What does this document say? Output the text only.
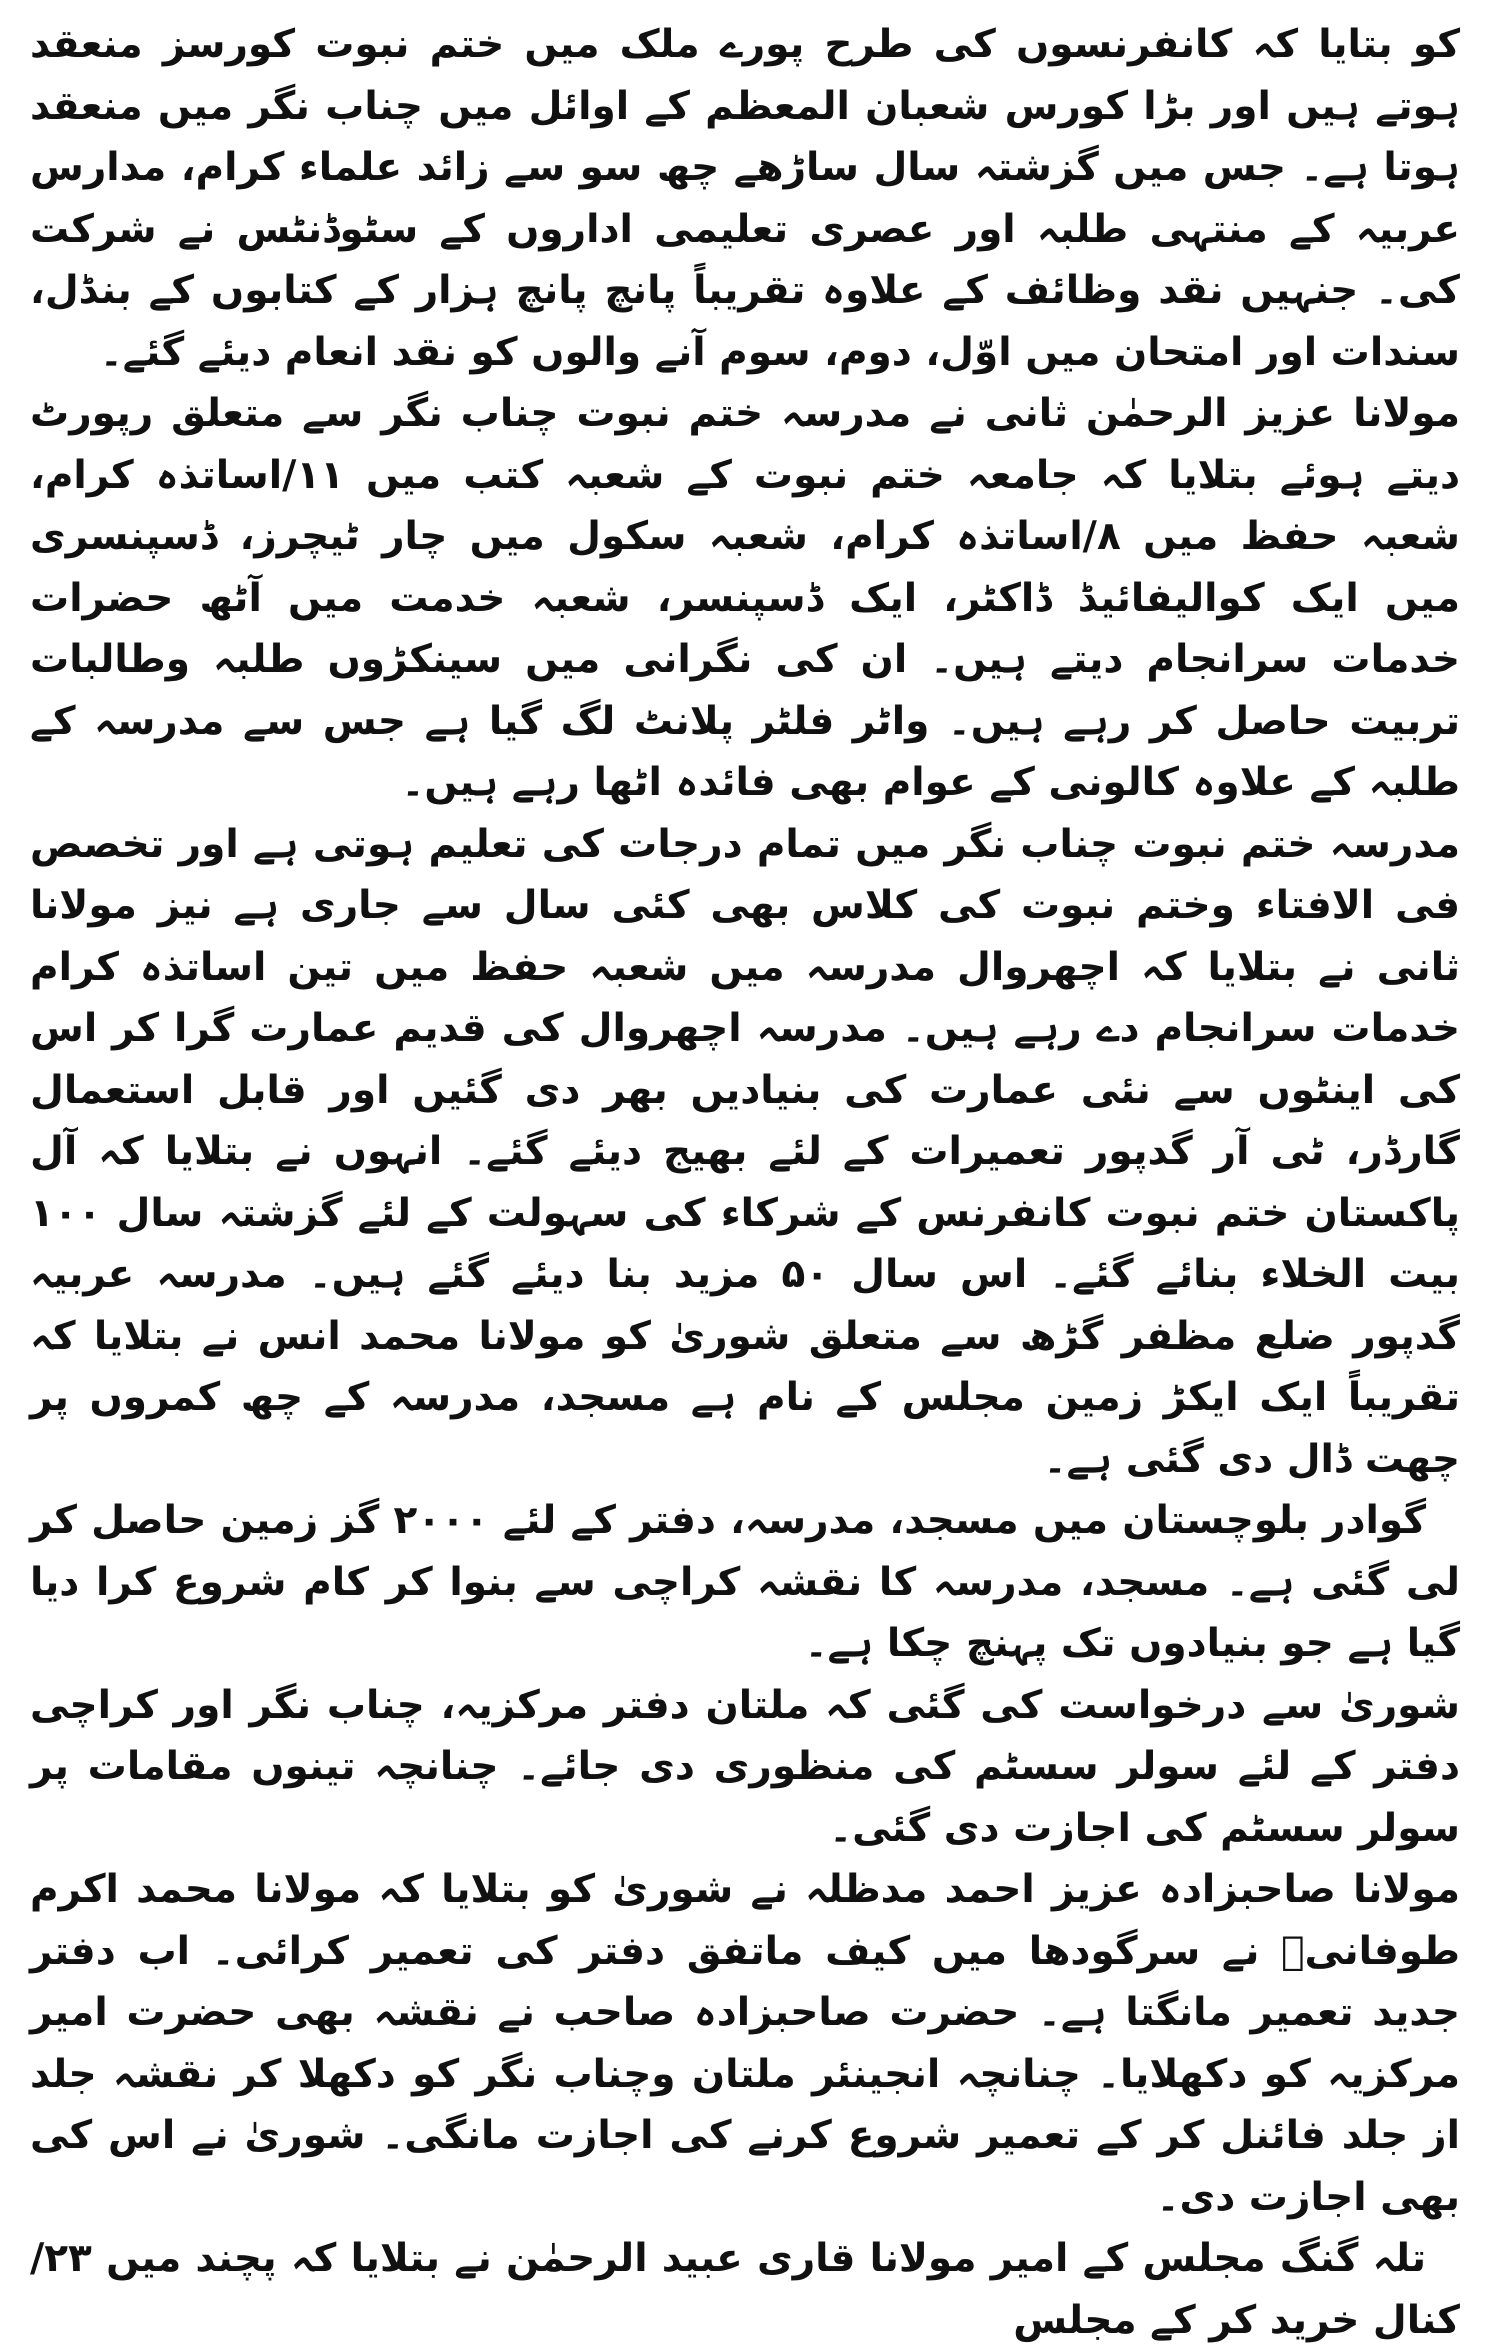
کو بتایا کہ کانفرنسوں کی طرح پورے ملک میں ختم نبوت کورسز منعقد ہوتے ہیں اور بڑا کورس شعبان المعظم کے اوائل میں چناب نگر میں منعقد ہوتا ہے۔ جس میں گزشتہ سال ساڑھے چھ سو سے زائد علماء کرام، مدارس عربیہ کے منتہی طلبہ اور عصری تعلیمی اداروں کے سٹوڈنٹس نے شرکت کی۔ جنہیں نقد وظائف کے علاوہ تقریباً پانچ پانچ ہزار کے کتابوں کے بنڈل، سندات اور امتحان میں اوّل، دوم، سوم آنے والوں کو نقد انعام دیئے گئے۔

مولانا عزیز الرحمٰن ثانی نے مدرسہ ختم نبوت چناب نگر سے متعلق رپورٹ دیتے ہوئے بتلایا کہ جامعہ ختم نبوت کے شعبہ کتب میں ۱۱/اساتذہ کرام، شعبہ حفظ میں ۸/اساتذہ کرام، شعبہ سکول میں چار ٹیچرز، ڈسپنسری میں ایک کوالیفائیڈ ڈاکٹر، ایک ڈسپنسر، شعبہ خدمت میں آٹھ حضرات خدمات سرانجام دیتے ہیں۔ ان کی نگرانی میں سینکڑوں طلبہ وطالبات تربیت حاصل کر رہے ہیں۔ واٹر فلٹر پلانٹ لگ گیا ہے جس سے مدرسہ کے طلبہ کے علاوہ کالونی کے عوام بھی فائدہ اٹھا رہے ہیں۔

مدرسہ ختم نبوت چناب نگر میں تمام درجات کی تعلیم ہوتی ہے اور تخصص فی الافتاء وختم نبوت کی کلاس بھی کئی سال سے جاری ہے نیز مولانا ثانی نے بتلایا کہ اچھروال مدرسہ میں شعبہ حفظ میں تین اساتذہ کرام خدمات سرانجام دے رہے ہیں۔ مدرسہ اچھروال کی قدیم عمارت گرا کر اس کی اینٹوں سے نئی عمارت کی بنیادیں بھر دی گئیں اور قابل استعمال گارڈر، ٹی آر گدپور تعمیرات کے لئے بھیج دیئے گئے۔ انہوں نے بتلایا کہ آل پاکستان ختم نبوت کانفرنس کے شرکاء کی سہولت کے لئے گزشتہ سال ۱۰۰ بیت الخلاء بنائے گئے۔ اس سال ۵۰ مزید بنا دیئے گئے ہیں۔ مدرسہ عربیہ گدپور ضلع مظفر گڑھ سے متعلق شوریٰ کو مولانا محمد انس نے بتلایا کہ تقریباً ایک ایکڑ زمین مجلس کے نام ہے مسجد، مدرسہ کے چھ کمروں پر چھت ڈال دی گئی ہے۔

گوادر بلوچستان میں مسجد، مدرسہ، دفتر کے لئے ۲۰۰۰ گز زمین حاصل کر لی گئی ہے۔ مسجد، مدرسہ کا نقشہ کراچی سے بنوا کر کام شروع کرا دیا گیا ہے جو بنیادوں تک پہنچ چکا ہے۔

شوریٰ سے درخواست کی گئی کہ ملتان دفتر مرکزیہ، چناب نگر اور کراچی دفتر کے لئے سولر سسٹم کی منظوری دی جائے۔ چنانچہ تینوں مقامات پر سولر سسٹم کی اجازت دی گئی۔

مولانا صاحبزادہ عزیز احمد مدظلہ نے شوریٰ کو بتلایا کہ مولانا محمد اکرم طوفانیؒ نے سرگودھا میں کیف ماتفق دفتر کی تعمیر کرائی۔ اب دفتر جدید تعمیر مانگتا ہے۔ حضرت صاحبزادہ صاحب نے نقشہ بھی حضرت امیر مرکزیہ کو دکھلایا۔ چنانچہ انجینئر ملتان وچناب نگر کو دکھلا کر نقشہ جلد از جلد فائنل کر کے تعمیر شروع کرنے کی اجازت مانگی۔ شوریٰ نے اس کی بھی اجازت دی۔

تلہ گنگ مجلس کے امیر مولانا قاری عبید الرحمٰن نے بتلایا کہ پچند میں ۲۳/کنال خرید کر کے مجلس
